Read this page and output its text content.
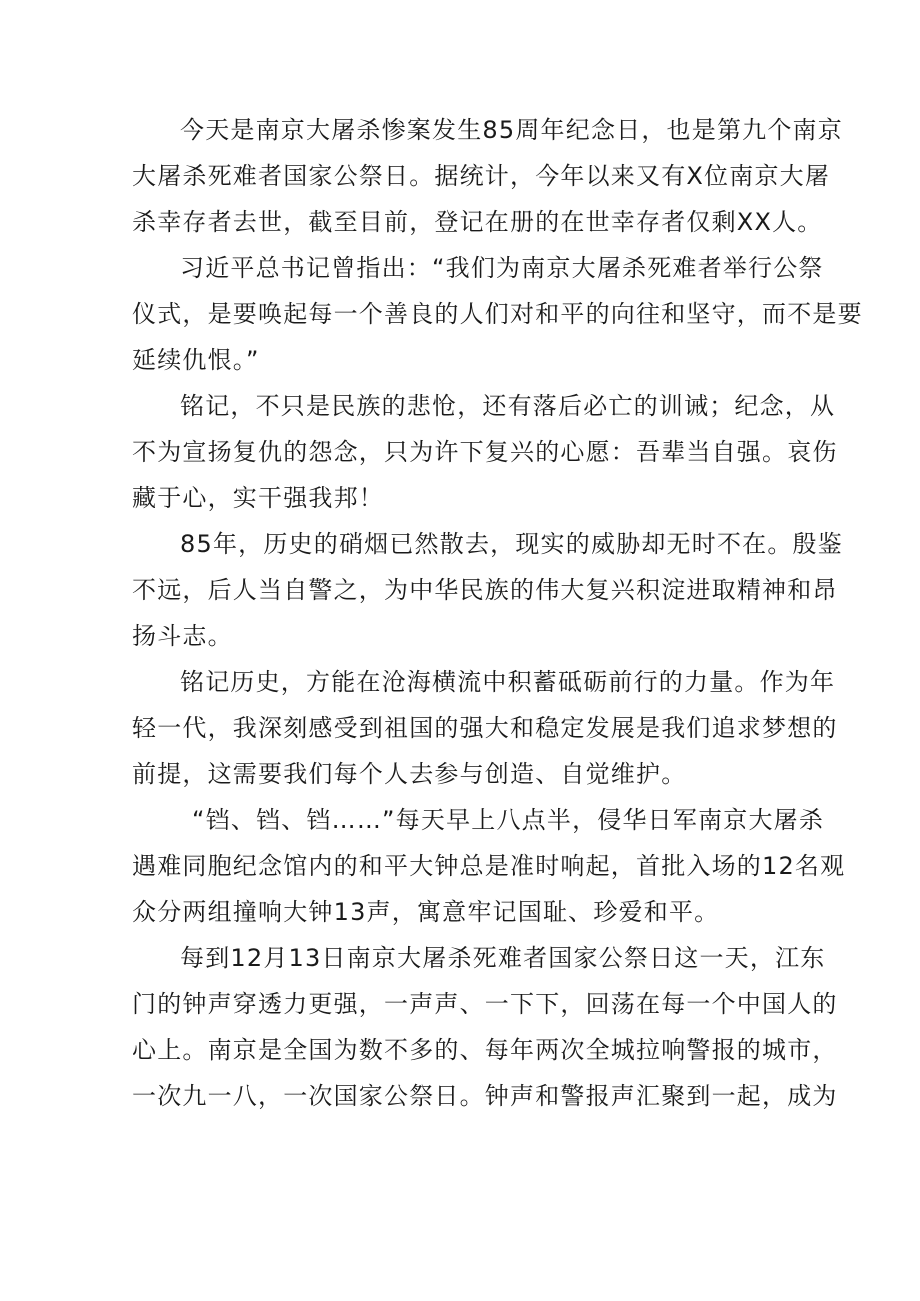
今天是南京大屠杀惨案发生85周年纪念日，也是第九个南京
大屠杀死难者国家公祭日。据统计，今年以来又有X位南京大屠
杀幸存者去世，截至目前，登记在册的在世幸存者仅剩XX人。
习近平总书记曾指出：“我们为南京大屠杀死难者举行公祭
仪式，是要唤起每一个善良的人们对和平的向往和坚守，而不是要
延续仇恨。”
铭记，不只是民族的悲怆，还有落后必亡的训诫；纪念，从
不为宣扬复仇的怨念，只为许下复兴的心愿：吾辈当自强。哀伤
藏于心，实干强我邦！
85年，历史的硝烟已然散去，现实的威胁却无时不在。殷鉴
不远，后人当自警之，为中华民族的伟大复兴积淀进取精神和昂
扬斗志。
铭记历史，方能在沧海横流中积蓄砥砺前行的力量。作为年
轻一代，我深刻感受到祖国的强大和稳定发展是我们追求梦想的
前提，这需要我们每个人去参与创造、自觉维护。
“铛、铛、铛……”每天早上八点半，侵华日军南京大屠杀
遇难同胞纪念馆内的和平大钟总是准时响起，首批入场的12名观
众分两组撞响大钟13声，寓意牢记国耻、珍爱和平。
每到12月13日南京大屠杀死难者国家公祭日这一天，江东
门的钟声穿透力更强，一声声、一下下，回荡在每一个中国人的
心上。南京是全国为数不多的、每年两次全城拉响警报的城市，
一次九一八，一次国家公祭日。钟声和警报声汇聚到一起，成为
